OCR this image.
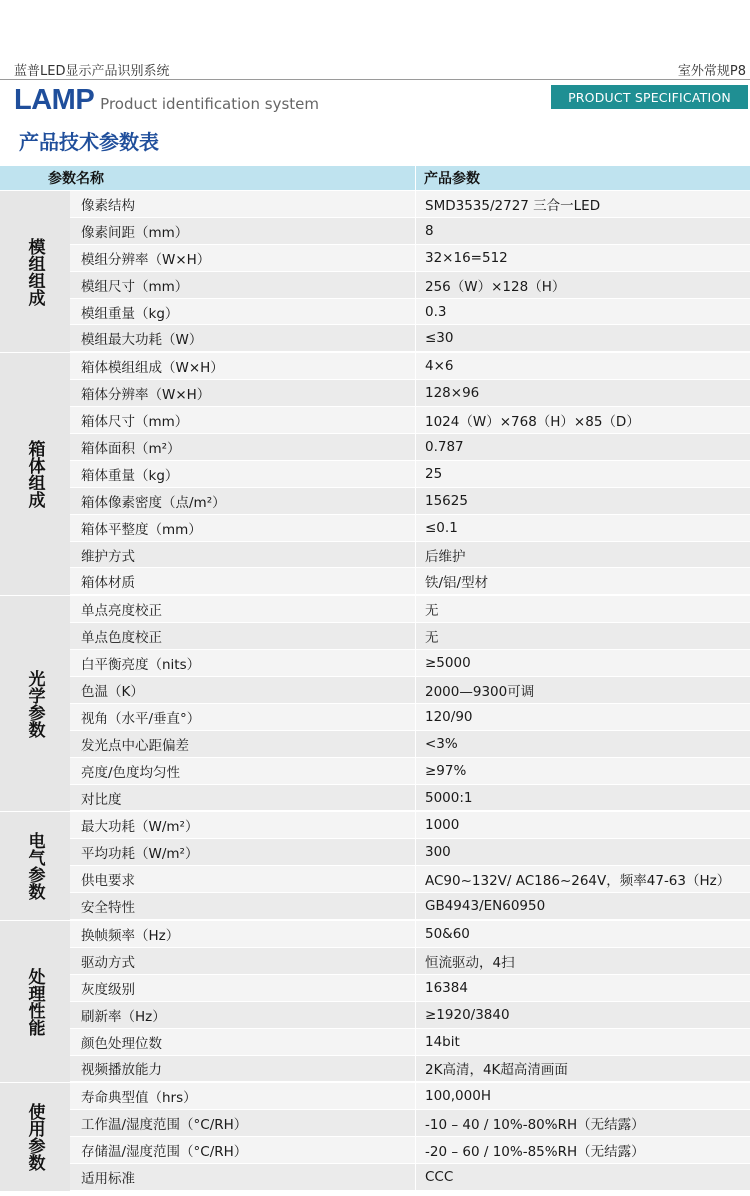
蓝普LED显示产品识别系统	室外常规P8
LAMP Product identification system	PRODUCT SPECIFICATION
产品技术参数表
参数名称	产品参数
模组组成
像素结构	SMD3535/2727 三合一LED
像素间距（mm）	8
模组分辨率（W×H）	32×16=512
模组尺寸（mm）	256（W）×128（H）
模组重量（kg）	0.3
模组最大功耗（W）	≤30
箱体组成
箱体模组组成（W×H）	4×6
箱体分辨率（W×H）	128×96
箱体尺寸（mm）	1024（W）×768（H）×85（D）
箱体面积（m²）	0.787
箱体重量（kg）	25
箱体像素密度（点/m²）	15625
箱体平整度（mm）	≤0.1
维护方式	后维护
箱体材质	铁/铝/型材
光学参数
单点亮度校正	无
单点色度校正	无
白平衡亮度（nits）	≥5000
色温（K）	2000—9300可调
视角（水平/垂直°）	120/90
发光点中心距偏差	<3%
亮度/色度均匀性	≥97%
对比度	5000:1
电气参数
最大功耗（W/m²）	1000
平均功耗（W/m²）	300
供电要求	AC90~132V/ AC186~264V，频率47-63（Hz）
安全特性	GB4943/EN60950
处理性能
换帧频率（Hz）	50&60
驱动方式	恒流驱动，4扫
灰度级别	16384
刷新率（Hz）	≥1920/3840
颜色处理位数	14bit
视频播放能力	2K高清，4K超高清画面
使用参数
寿命典型值（hrs）	100,000H
工作温/湿度范围（°C/RH）	-10 – 40 / 10%-80%RH（无结露）
存储温/湿度范围（°C/RH）	-20 – 60 / 10%-85%RH（无结露）
适用标准	CCC
